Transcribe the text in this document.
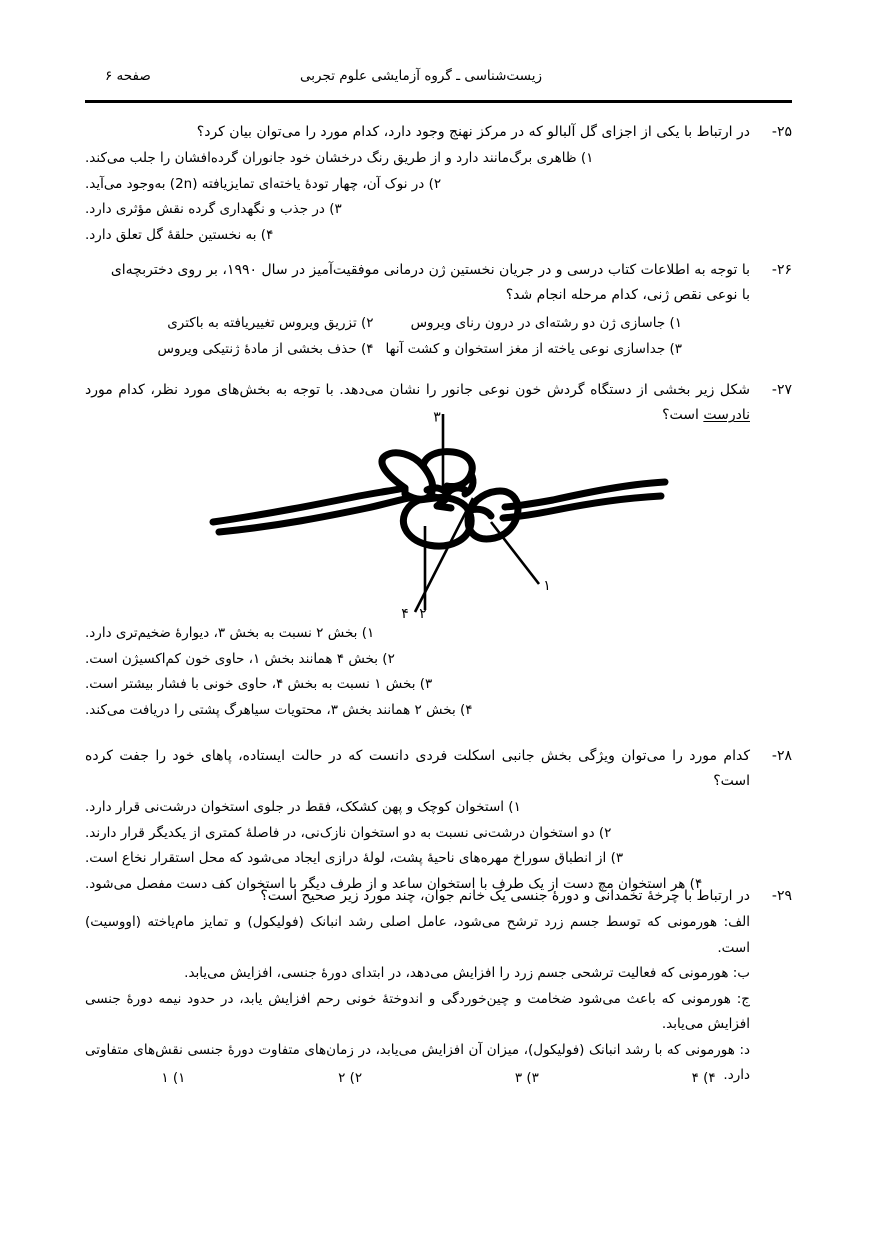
زیست‌شناسی ـ گروه آزمایشی علوم تجربی
صفحه ۶
۲۵-
در ارتباط با یکی از اجزای گل آلبالو که در مرکز نهنج وجود دارد، کدام مورد را می‌توان بیان کرد؟
۱) ظاهری برگ‌مانند دارد و از طریق رنگ درخشان خود جانوران گرده‌افشان را جلب می‌کند.
۲) در نوک آن، چهار تودۀ یاخته‌ای تمایزیافته (2n) به‌وجود می‌آید.
۳) در جذب و نگهداری گرده نقش مؤثری دارد.
۴) به نخستین حلقۀ گل تعلق دارد.
۲۶-
با توجه به اطلاعات کتاب درسی و در جریان نخستین ژن درمانی موفقیت‌آمیز در سال ۱۹۹۰، بر روی دختربچه‌ای
با نوعی نقص ژنی، کدام مرحله انجام شد؟
۱) جاسازی ژن دو رشته‌ای در درون رنای ویروس
۲) تزریق ویروس تغییریافته به باکتری
۳) جداسازی نوعی یاخته از مغز استخوان و کشت آنها
۴) حذف بخشی از مادۀ ژنتیکی ویروس
۲۷-
شکل زیر بخشی از دستگاه گردش خون نوعی جانور را نشان می‌دهد. با توجه به بخش‌های مورد نظر، کدام مورد نادرست است؟
۳
۴ ۲
۱
۱) بخش ۲ نسبت به بخش ۳، دیوارۀ ضخیم‌تری دارد.
۲) بخش ۴ همانند بخش ۱، حاوی خون کم‌اکسیژن است.
۳) بخش ۱ نسبت به بخش ۴، حاوی خونی با فشار بیشتر است.
۴) بخش ۲ همانند بخش ۳، محتویات سیاهرگ پشتی را دریافت می‌کند.
۲۸-
کدام مورد را می‌توان ویژگی بخش جانبی اسکلت فردی دانست که در حالت ایستاده، پاهای خود را جفت کرده است؟
۱) استخوان کوچک و پهن کشکک، فقط در جلوی استخوان درشت‌نی قرار دارد.
۲) دو استخوان درشت‌نی نسبت به دو استخوان نازک‌نی، در فاصلۀ کمتری از یکدیگر قرار دارند.
۳) از انطباق سوراخ مهره‌های ناحیۀ پشت، لولۀ درازی ایجاد می‌شود که محل استقرار نخاع است.
۴) هر استخوان مچ دست از یک طرف با استخوان ساعد و از طرف دیگر با استخوان کف دست مفصل می‌شود.
۲۹-
در ارتباط با چرخۀ تخمدانی و دورۀ جنسی یک خانم جوان، چند مورد زیر صحیح است؟
الف: هورمونی که توسط جسم زرد ترشح می‌شود، عامل اصلی رشد انبانک (فولیکول) و تمایز مام‌یاخته (اووسیت) است.
ب: هورمونی که فعالیت ترشحی جسم زرد را افزایش می‌دهد، در ابتدای دورۀ جنسی، افزایش می‌یابد.
ج: هورمونی که باعث می‌شود ضخامت و چین‌خوردگی و اندوختۀ خونی رحم افزایش یابد، در حدود نیمه دورۀ جنسی افزایش می‌یابد.
د: هورمونی که با رشد انبانک (فولیکول)، میزان آن افزایش می‌یابد، در زمان‌های متفاوت دورۀ جنسی نقش‌های متفاوتی دارد.
۴) ۴
۳) ۳
۲) ۲
۱) ۱
